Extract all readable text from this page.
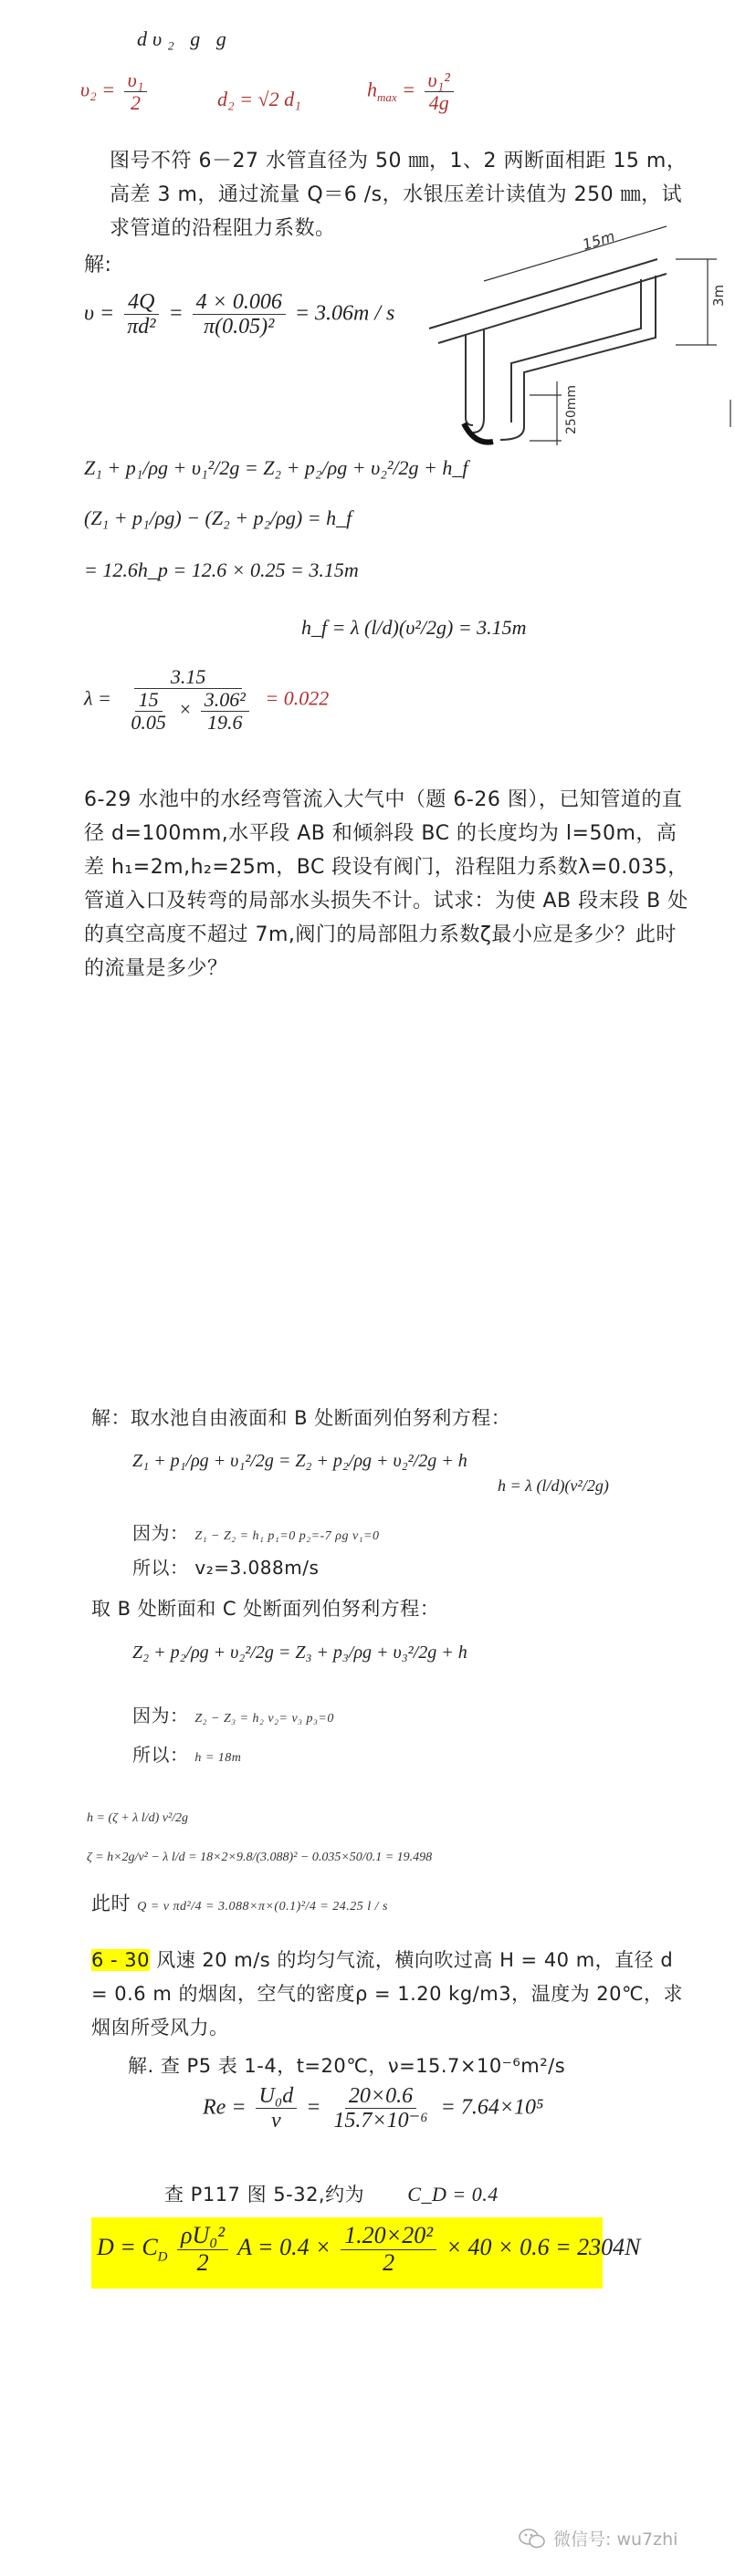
dυ₂ g g
$\upsilon_2 = \frac{\text{υ₁}}{2}$	d₂ = √2 d₁	$h_{max} = \frac{\text{υ₁²}}{4g}$
图号不符 6－27 水管直径为 50 ㎜，1、2 两断面相距 15 m，高差 3 m，通过流量 Q＝6 /s，水银压差计读值为 250 ㎜，试求管道的沿程阻力系数。
解:
$\upsilon = \frac{4Q}{\text{πd²}} = \frac{4 \times 0.006}{\text{π(0.05)²}} = 3.06m / s$
15m
3m
250mm
Z₁ + p₁/ρg + υ₁²/2g = Z₂ + p₂/ρg + υ₂²/2g + h_f
(Z₁ + p₁/ρg) − (Z₂ + p₂/ρg) = h_f
= 12.6h_p = 12.6 × 0.25 = 3.15m
h_f = λ (l/d)(υ²/2g) = 3.15m
$\lambda = \frac{3.15}{\frac{15}{0.05} \times \frac{\text{3.06²}}{19.6}} = 0.022$
6-29 水池中的水经弯管流入大气中（题 6-26 图），已知管道的直径 d=100mm,水平段 AB 和倾斜段 BC 的长度均为 l=50m，高差 h₁=2m,h₂=25m，BC 段设有阀门，沿程阻力系数λ=0.035，管道入口及转弯的局部水头损失不计。试求：为使 AB 段末段 B 处的真空高度不超过 7m,阀门的局部阻力系数ζ最小应是多少？此时的流量是多少？
解：取水池自由液面和 B 处断面列伯努利方程：
Z₁ + p₁/ρg + υ₁²/2g = Z₂ + p₂/ρg + υ₂²/2g + h
h = λ (l/d)(v²/2g)
因为： Z₁ − Z₂ = h₁ p₁=0 p₂=-7 ρg v₁=0
所以： v₂=3.088m/s
取 B 处断面和 C 处断面列伯努利方程：
Z₂ + p₂/ρg + υ₂²/2g = Z₃ + p₃/ρg + υ₃²/2g + h
因为： Z₂ − Z₃ = h₂ v₂= v₃ p₃=0
所以： h = 18m
h = (ζ + λ l/d) v²/2g
ζ = h×2g/v² − λ l/d = 18×2×9.8/(3.088)² − 0.035×50/0.1 = 19.498
此时 Q = v πd²/4 = 3.088×π×(0.1)²/4 = 24.25 l / s
6 - 30 风速 20 m/s 的均匀气流，横向吹过高 H = 40 m，直径 d = 0.6 m 的烟囱，空气的密度ρ = 1.20 kg/m3，温度为 20℃，求烟囱所受风力。
解. 查 P5 表 1-4，t=20℃，ν=15.7×10⁻⁶m²/s
$Re = \frac{\text{U₀d}}{\nu} = \frac{20\times 0.6}{\text{15.7×10⁻⁶}} = 7.64\times 10^5$
查 P117 图 5-32,约为 C_D = 0.4
$D = C_D \frac{\text{ρU₀²}}{2}$ $A = 0.4 \times \frac{\text{1.20×20²}}{2} \times 40 \times 0.6 = 2304N$
微信号: wu7zhi
